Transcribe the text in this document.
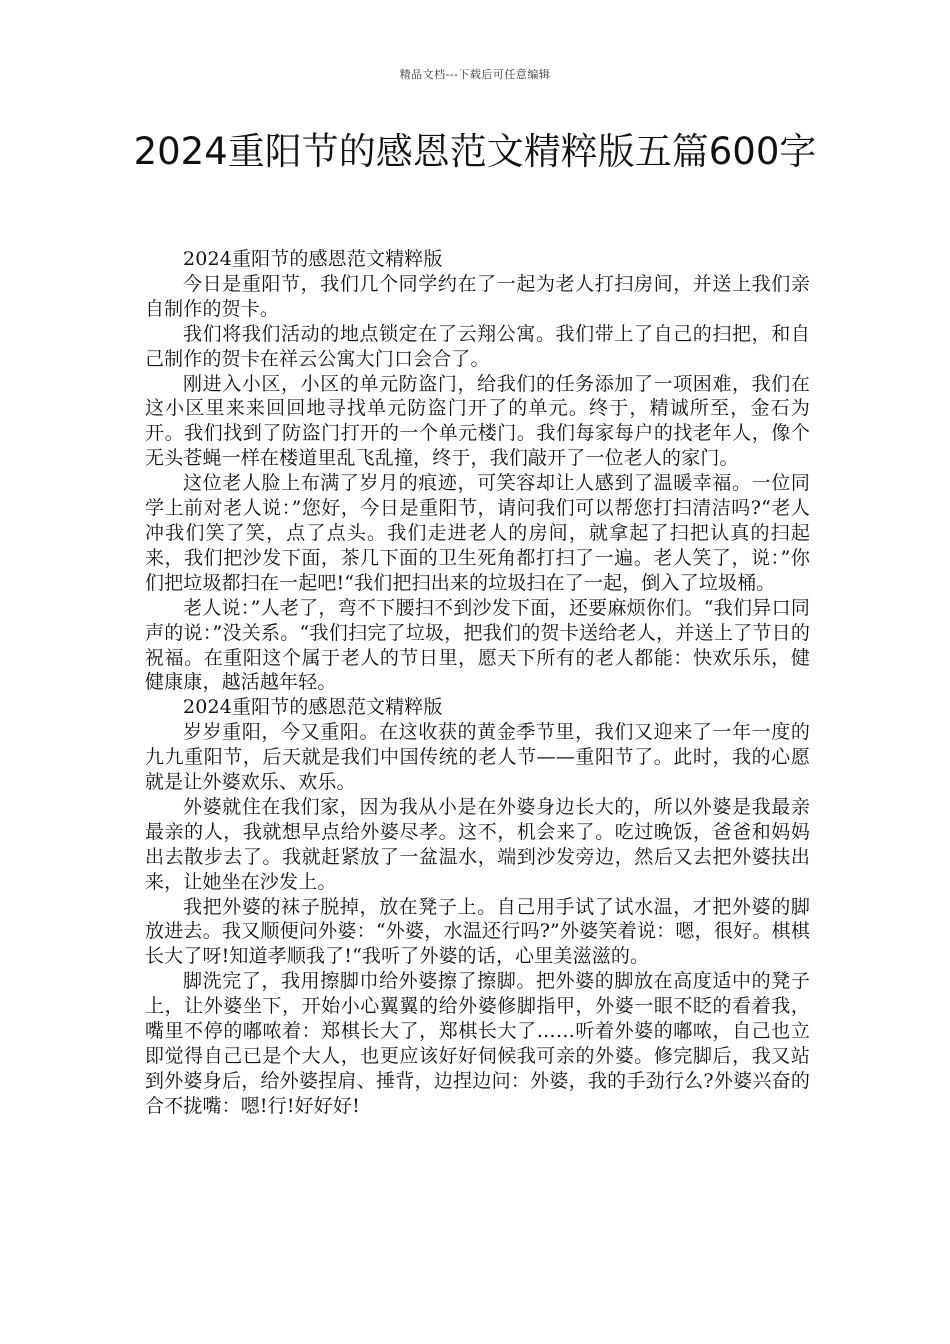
精品文档---下载后可任意编辑
2024重阳节的感恩范文精粹版五篇600字

2024重阳节的感恩范文精粹版

今日是重阳节，我们几个同学约在了一起为老人打扫房间，并送上我们亲自制作的贺卡。

我们将我们活动的地点锁定在了云翔公寓。我们带上了自己的扫把，和自己制作的贺卡在祥云公寓大门口会合了。

刚进入小区，小区的单元防盗门，给我们的任务添加了一项困难，我们在这小区里来来回回地寻找单元防盗门开了的单元。终于，精诚所至，金石为开。我们找到了防盗门打开的一个单元楼门。我们每家每户的找老年人，像个无头苍蝇一样在楼道里乱飞乱撞，终于，我们敲开了一位老人的家门。

这位老人脸上布满了岁月的痕迹，可笑容却让人感到了温暖幸福。一位同学上前对老人说：”您好，今日是重阳节，请问我们可以帮您打扫清洁吗?“老人冲我们笑了笑，点了点头。我们走进老人的房间，就拿起了扫把认真的扫起来，我们把沙发下面，茶几下面的卫生死角都打扫了一遍。老人笑了，说：”你们把垃圾都扫在一起吧!“我们把扫出来的垃圾扫在了一起，倒入了垃圾桶。

老人说：”人老了，弯不下腰扫不到沙发下面，还要麻烦你们。“我们异口同声的说：”没关系。“我们扫完了垃圾，把我们的贺卡送给老人，并送上了节日的祝福。在重阳这个属于老人的节日里，愿天下所有的老人都能：快欢乐乐，健健康康，越活越年轻。

2024重阳节的感恩范文精粹版

岁岁重阳，今又重阳。在这收获的黄金季节里，我们又迎来了一年一度的九九重阳节，后天就是我们中国传统的老人节——重阳节了。此时，我的心愿就是让外婆欢乐、欢乐。

外婆就住在我们家，因为我从小是在外婆身边长大的，所以外婆是我最亲最亲的人，我就想早点给外婆尽孝。这不，机会来了。吃过晚饭，爸爸和妈妈出去散步去了。我就赶紧放了一盆温水，端到沙发旁边，然后又去把外婆扶出来，让她坐在沙发上。

我把外婆的袜子脱掉，放在凳子上。自己用手试了试水温，才把外婆的脚放进去。我又顺便问外婆：“外婆，水温还行吗?”外婆笑着说：嗯，很好。棋棋长大了呀!知道孝顺我了!“我听了外婆的话，心里美滋滋的。

脚洗完了，我用擦脚巾给外婆擦了擦脚。把外婆的脚放在高度适中的凳子上，让外婆坐下，开始小心翼翼的给外婆修脚指甲，外婆一眼不眨的看着我，嘴里不停的嘟哝着：郑棋长大了，郑棋长大了……听着外婆的嘟哝，自己也立即觉得自己已是个大人，也更应该好好伺候我可亲的外婆。修完脚后，我又站到外婆身后，给外婆捏肩、捶背，边捏边问：外婆，我的手劲行么?外婆兴奋的合不拢嘴：嗯!行!好好好!
